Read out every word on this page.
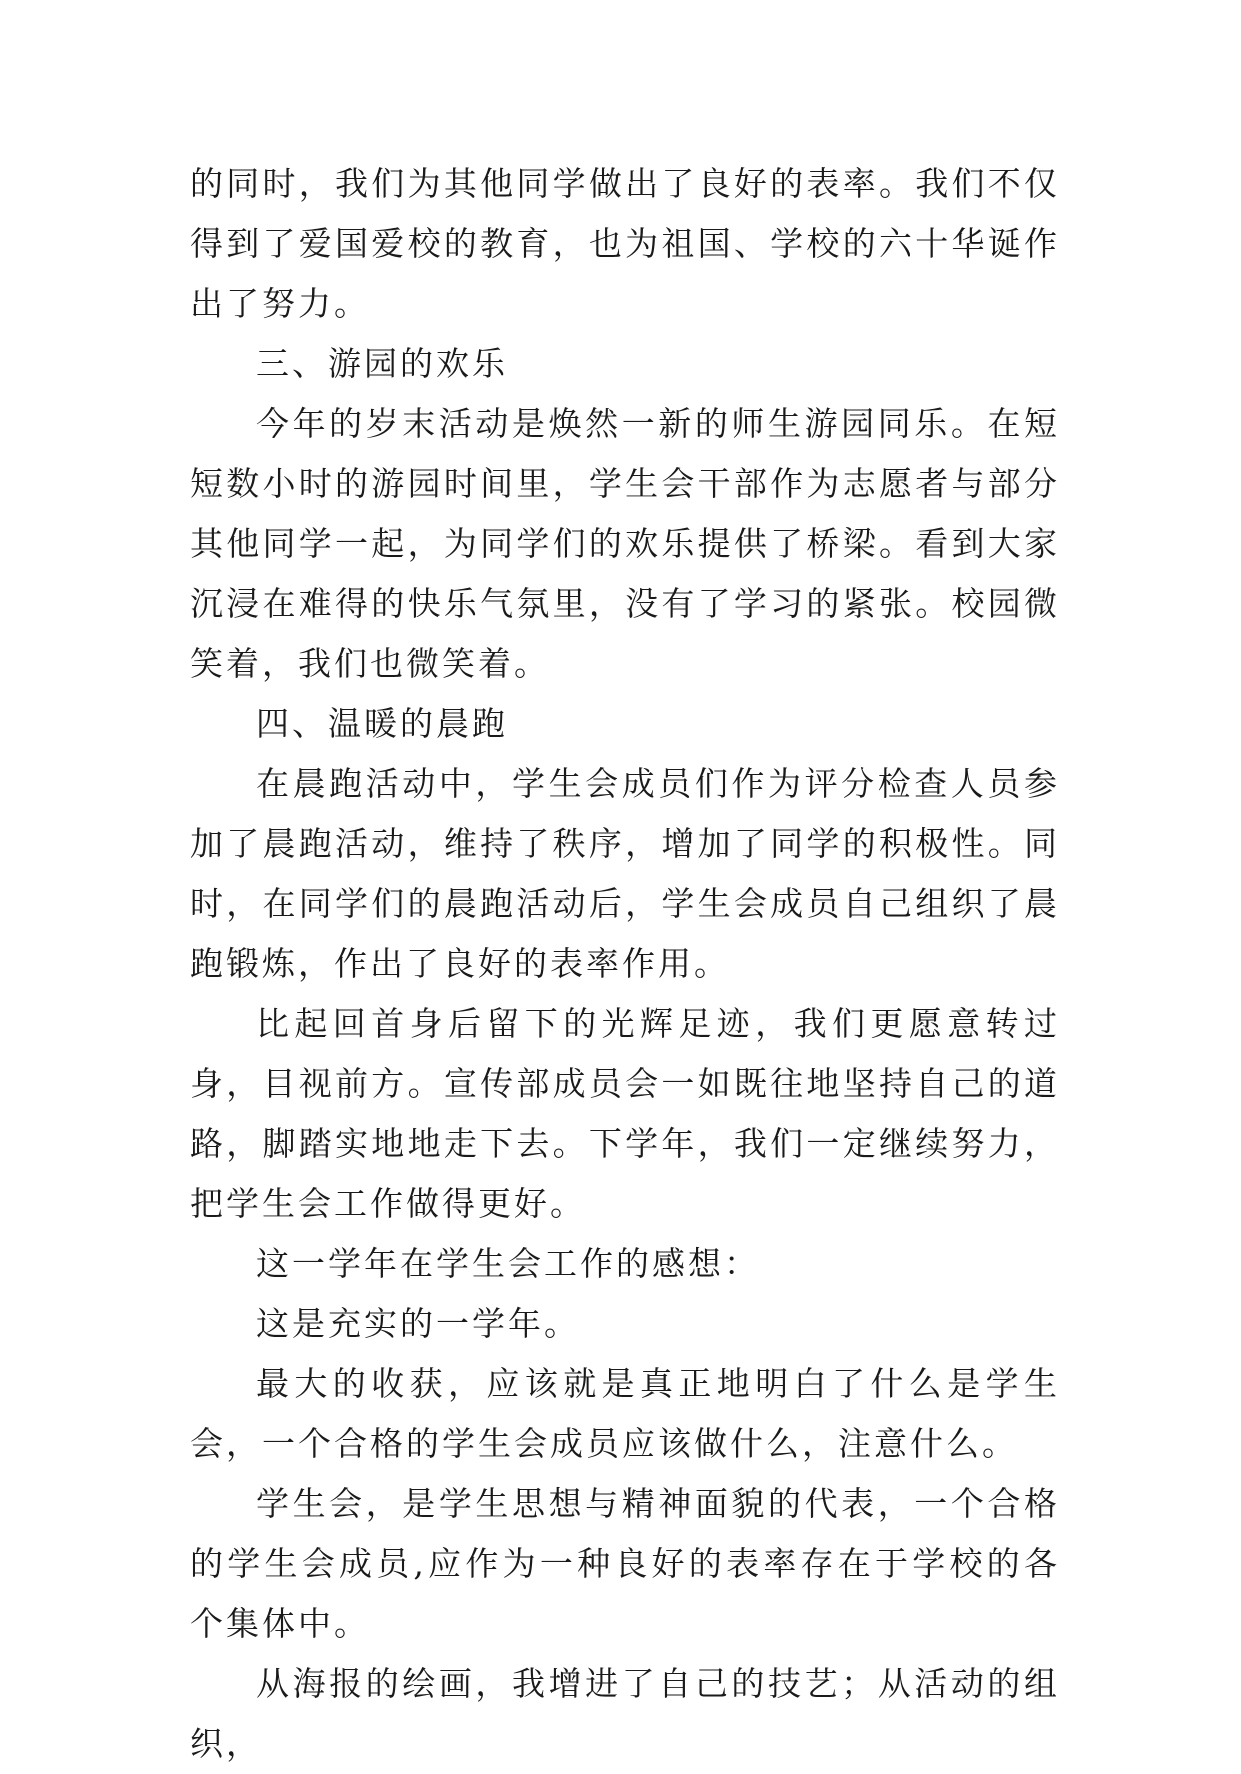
的同时，我们为其他同学做出了良好的表率。我们不仅得到了爱国爱校的教育，也为祖国、学校的六十华诞作出了努力。

三、游园的欢乐

今年的岁末活动是焕然一新的师生游园同乐。在短短数小时的游园时间里，学生会干部作为志愿者与部分其他同学一起，为同学们的欢乐提供了桥梁。看到大家沉浸在难得的快乐气氛里，没有了学习的紧张。校园微笑着，我们也微笑着。

四、温暖的晨跑

在晨跑活动中，学生会成员们作为评分检查人员参加了晨跑活动，维持了秩序，增加了同学的积极性。同时，在同学们的晨跑活动后，学生会成员自己组织了晨跑锻炼，作出了良好的表率作用。

比起回首身后留下的光辉足迹，我们更愿意转过身，目视前方。宣传部成员会一如既往地坚持自己的道路，脚踏实地地走下去。下学年，我们一定继续努力，把学生会工作做得更好。

这一学年在学生会工作的感想：

这是充实的一学年。

最大的收获，应该就是真正地明白了什么是学生会，一个合格的学生会成员应该做什么，注意什么。

学生会，是学生思想与精神面貌的代表，一个合格的学生会成员,应作为一种良好的表率存在于学校的各个集体中。

从海报的绘画，我增进了自己的技艺；从活动的组织，
